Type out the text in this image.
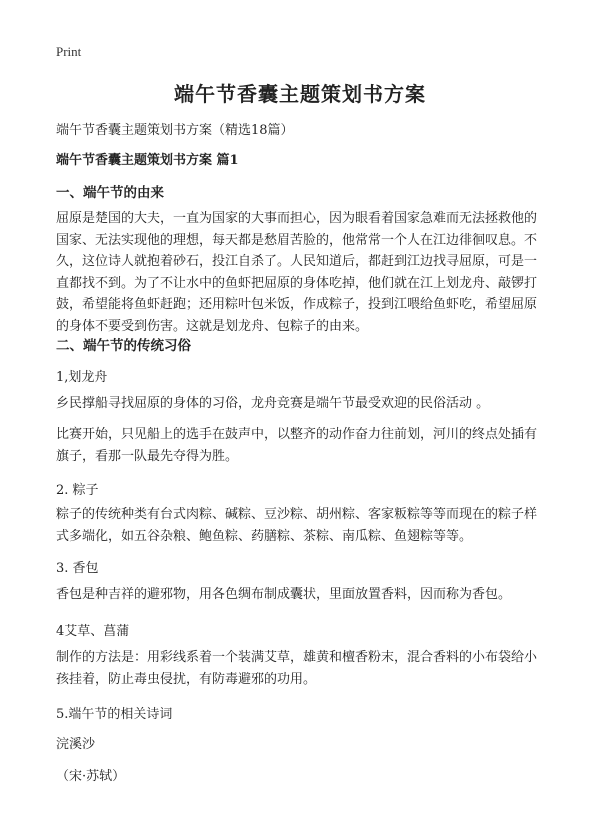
Print
端午节香囊主题策划书方案

端午节香囊主题策划书方案（精选18篇）

端午节香囊主题策划书方案 篇1

一、端午节的由来

屈原是楚国的大夫，一直为国家的大事而担心，因为眼看着国家急难而无法拯救他的国家、无法实现他的理想，每天都是愁眉苦脸的，他常常一个人在江边徘徊叹息。不久，这位诗人就抱着砂石，投江自杀了。人民知道后，都赶到江边找寻屈原，可是一直都找不到。为了不让水中的鱼虾把屈原的身体吃掉，他们就在江上划龙舟、敲锣打鼓，希望能将鱼虾赶跑；还用粽叶包米饭，作成粽子，投到江喂给鱼虾吃，希望屈原的身体不要受到伤害。这就是划龙舟、包粽子的由来。

二、端午节的传统习俗

1,划龙舟

乡民撑船寻找屈原的身体的习俗，龙舟竞赛是端午节最受欢迎的民俗活动 。

比赛开始，只见船上的选手在鼓声中，以整齐的动作奋力往前划，河川的终点处插有旗子，看那一队最先夺得为胜。

2. 粽子

粽子的传统种类有台式肉粽、碱粽、豆沙粽、胡州粽、客家粄粽等等而现在的粽子样式多端化，如五谷杂粮、鲍鱼粽、药膳粽、茶粽、南瓜粽、鱼翅粽等等。

3. 香包

香包是种吉祥的避邪物，用各色绸布制成囊状，里面放置香料，因而称为香包。

4艾草、菖蒲

制作的方法是：用彩线系着一个装满艾草，雄黄和檀香粉末，混合香料的小布袋给小孩挂着，防止毒虫侵扰，有防毒避邪的功用。

5.端午节的相关诗词

浣溪沙

（宋·苏轼）
